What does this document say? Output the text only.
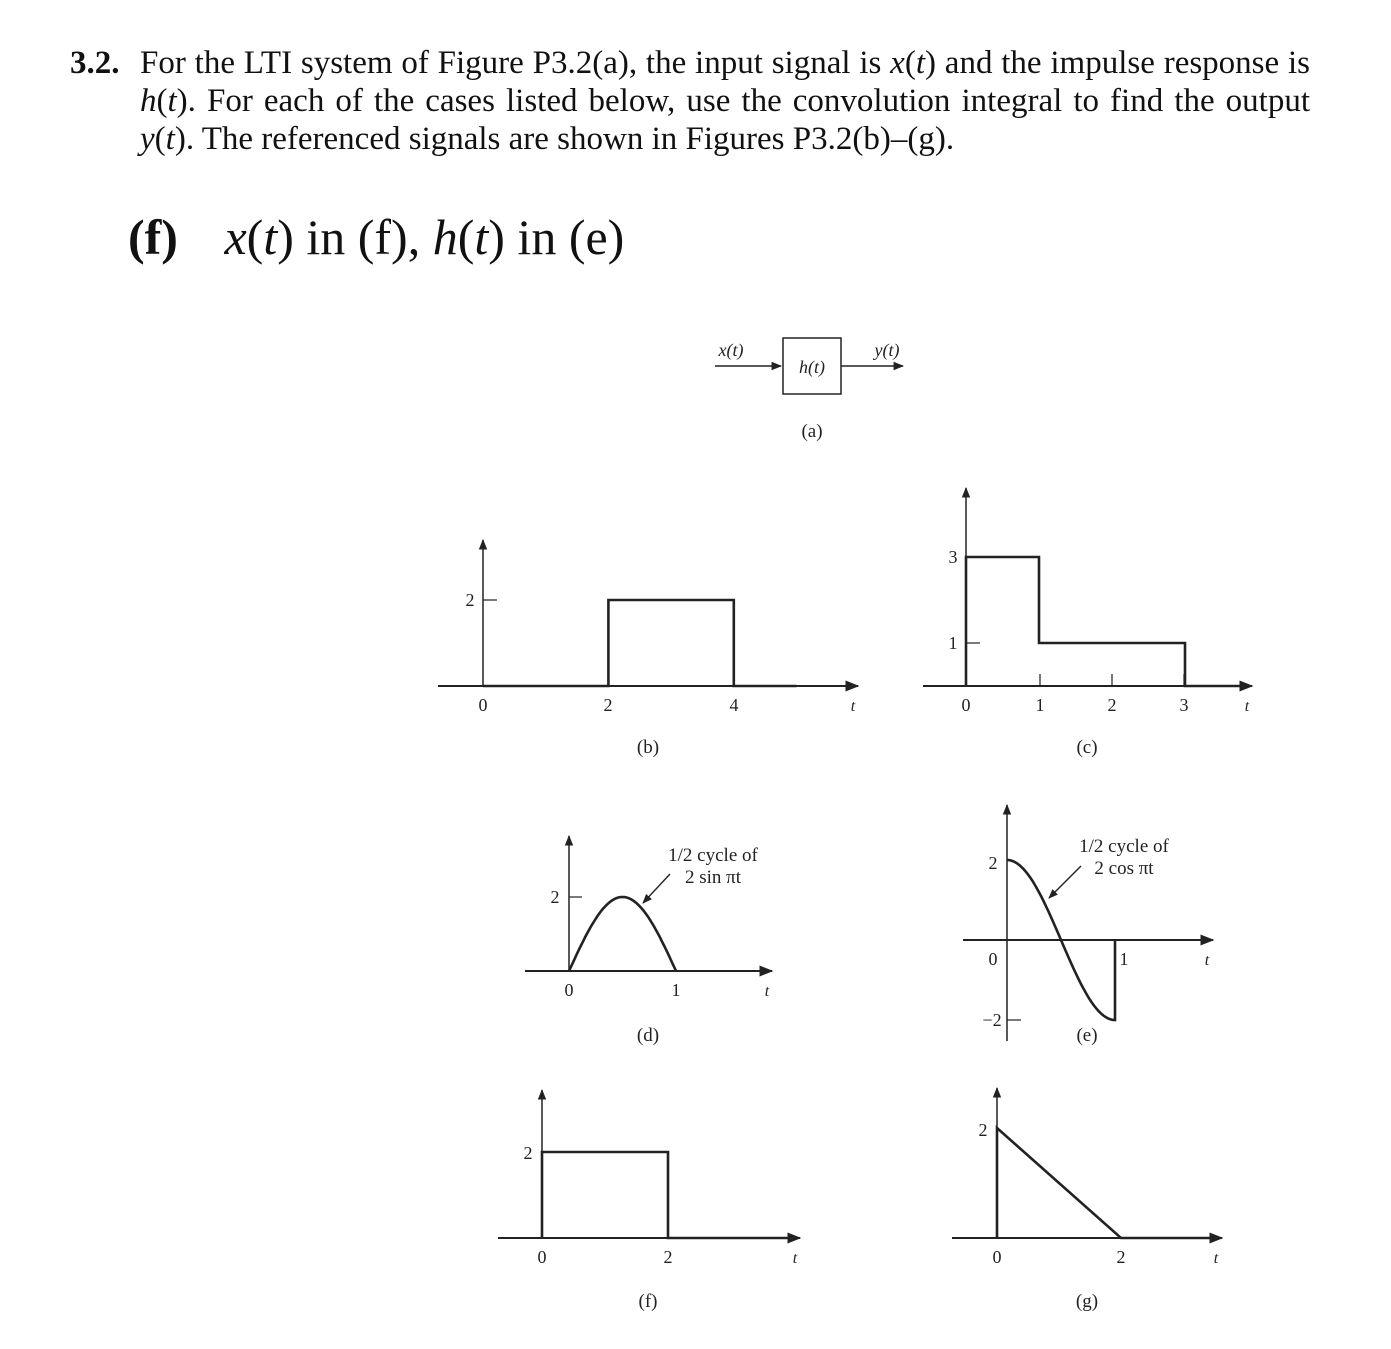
3.2. For the LTI system of Figure P3.2(a), the input signal is x(t) and the impulse response is h(t). For each of the cases listed below, use the convolution integral to find the output y(t). The referenced signals are shown in Figures P3.2(b)–(g).
(f) x(t) in (f), h(t) in (e)
x(t)
h(t)
y(t)
(a)
2
0	2	4	t
(b)
3
1
0	1	2	3	t
(c)
1/2 cycle of
2 sin πt
2
0	1	t
(d)
1/2 cycle of
2 cos πt
2
−2
0	1	t
(e)
2
0	2	t
(f)
2
0	2	t
(g)
